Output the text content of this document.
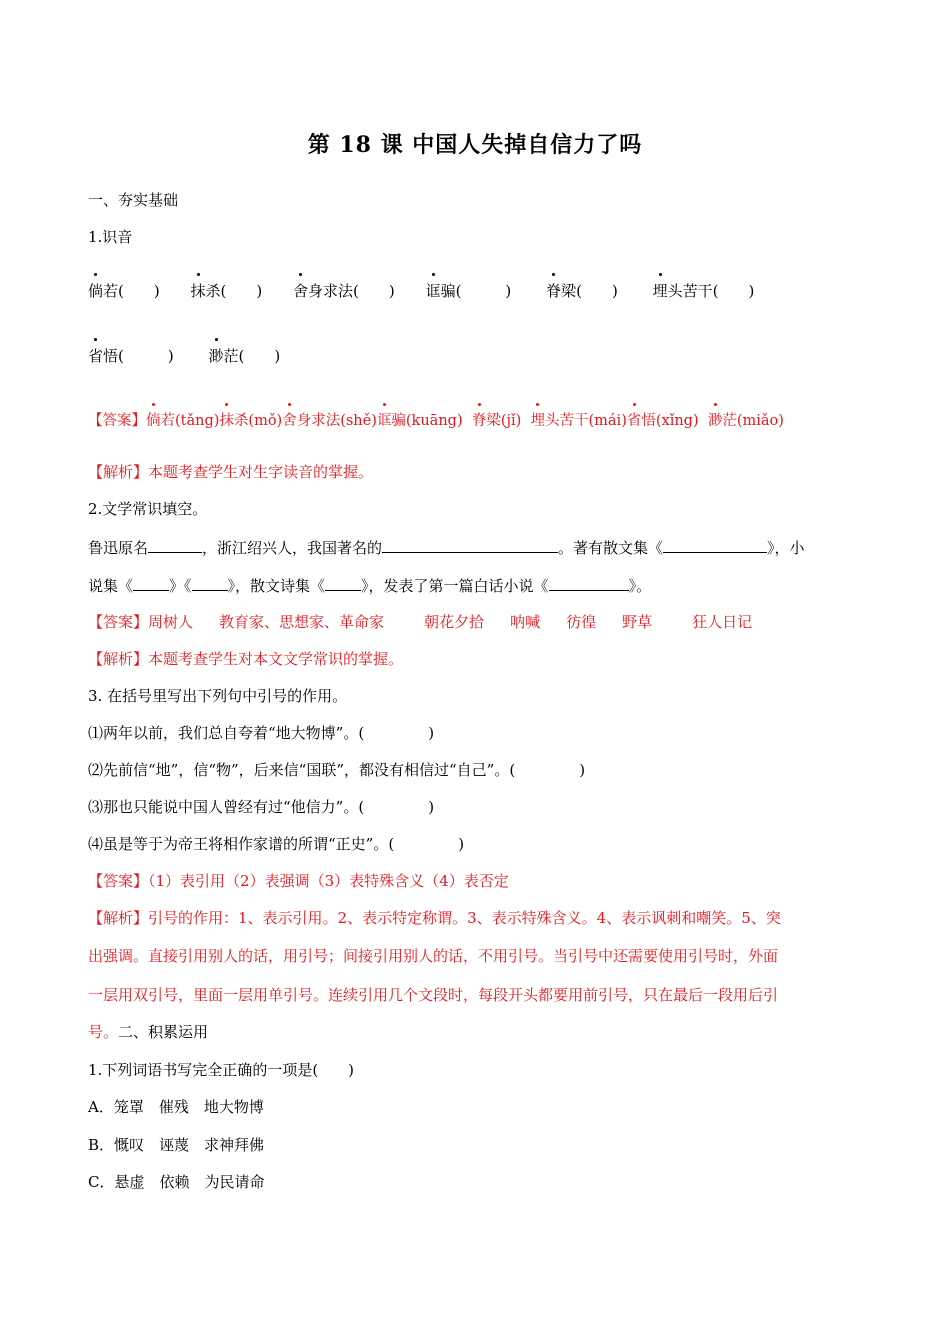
第 18 课 中国人失掉自信力了吗
一、夯实基础
1.识音
倘若( ) 抹杀( ) 舍身求法( ) 诓骗(	) 脊梁( ) 埋头苦干( )
省悟(	) 渺茫( )
【答案】倘若(tǎng)抹杀(mǒ)舍身求法(shě)诓骗(kuāng)  脊梁(jǐ)  埋头苦干(mái)省悟(xǐng)  渺茫(miǎo)
【解析】本题考查学生对生字读音的掌握。
2.文学常识填空。
鲁迅原名	，浙江绍兴人，我国著名的	。著有散文集《	》，小
说集《 》《 》，散文诗集《 》，发表了第一篇白话小说《	》。
【答案】周树人 教育家、思想家、革命家	朝花夕拾 呐喊 彷徨 野草	狂人日记
【解析】本题考查学生对本文文学常识的掌握。
3. 在括号里写出下列句中引号的作用。
⑴两年以前，我们总自夸着“地大物博”。(	)
⑵先前信“地”，信“物”，后来信“国联”，都没有相信过“自己”。(	)
⑶那也只能说中国人曾经有过“他信力”。(	)
⑷虽是等于为帝王将相作家谱的所谓“正史”。(	)
【答案】（1）表引用（2）表强调（3）表特殊含义（4）表否定
【解析】引号的作用：1、表示引用。2、表示特定称谓。3、表示特殊含义。4、表示讽刺和嘲笑。5、突
出强调。直接引用别人的话，用引号；间接引用别人的话，不用引号。当引号中还需要使用引号时，外面
一层用双引号，里面一层用单引号。连续引用几个文段时，每段开头都要用前引号，只在最后一段用后引
号。二、积累运用
1.下列词语书写完全正确的一项是( )
A．笼罩　催残　地大物博
B．慨叹　诬蔑　求神拜佛
C．悬虚　依赖　为民请命
